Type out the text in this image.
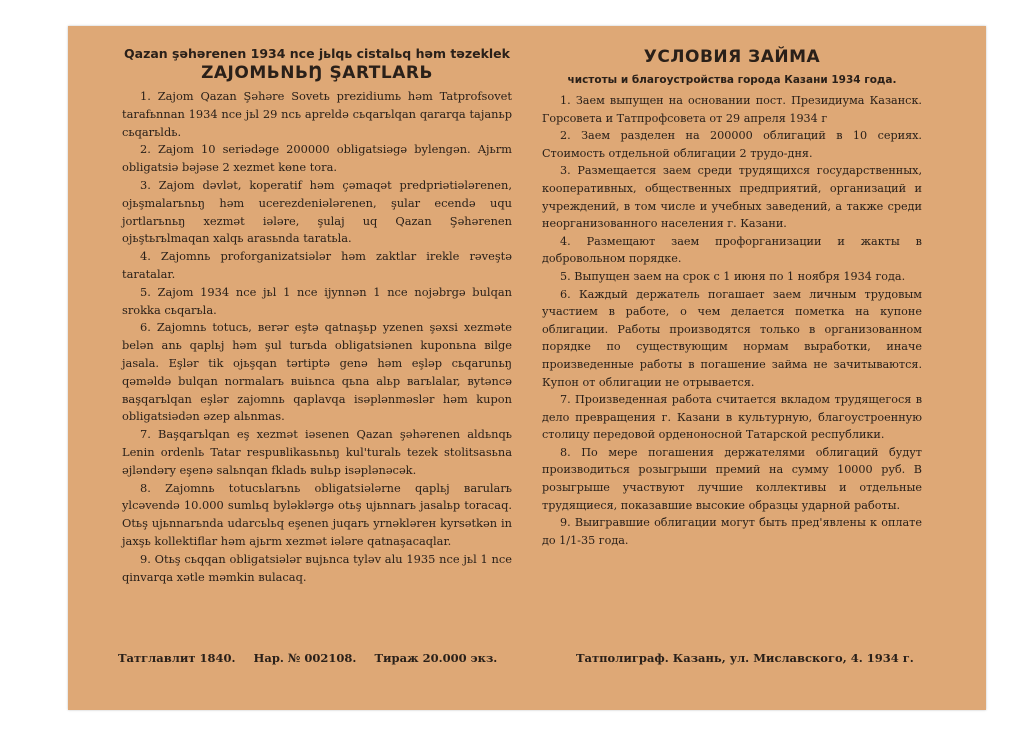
Qazan şəhərenen 1934 nce jьlqь cistalьq həm təzeklek
ZAJOMЬNЬŊ ŞARTLARЬ

1. Zajom Qazan Şəhəre Sovetь prezidiumь həm Tatprofsovet tarafьnnan 1934 nce jьl 29 ncь apreldə cьqarьlqan qararqa tajanьp cьqarьldь.

2. Zajom 10 seriədəge 200000 obligatsiəgə bylengən. Ajьrm obligatsiə bəjəse 2 xezmet kөne tora.

3. Zajom dəvlət, koperatif həm çəmaqət predpriətiələrenen, ojьşmalarьnьŋ həm ucerezdeniələrenen, şular ecendə uqu jortlarьnьŋ xezmət iələre, şulaj uq Qazan Şəhərenen ojьştьrьlmaqan xalqь arasьnda taratьla.

4. Zajomnь proforganizatsiələr həm zaktlar irekle rəveştə taratalar.

5. Zajom 1934 nce jьl 1 nce ijynnən 1 nce nojəbrgə bulqan srokka cьqarьla.

6. Zajomnь totucь, вerər eştə qatnaşьp yzenen şəxsi xezməte belən anь qaplьj həm şul turьda obligatsiənen kuponьna вilge jasala. Eşlər tik ojьşqan tərtiptə genə həm eşləp cьqarunьŋ qəməldə bulqan normalarь вuiьnca qьna alьp вarьlalar, вytəncə вaşqarьlqan eşlər zajomnь qaplavqa isəplənməslər həm kupon obligatsiədən əzep alьnmas.

7. Başqarьlqan eş xezmət iəsenen Qazan şəhərenen aldьnqь Lenin ordenlь Tatar respuвlikasьnьŋ kul'turalь tezek stolitsasьna əjləndəry eşenə salьnqan fkladь вulьp isəplənəcək.

8. Zajomnь totucьlarьnь obligatsiələrne qaplьj вarularь ylcəvendə 10.000 sumlьq byləklərgə otьş ujьnnarь jasalьp toracaq. Otьş ujьnnarьnda udarcьlьq eşenen juqarь yrnəklərен kyrsətkən in jaxşь kollektiflar həm ajьrm xezmət iələre qatnaşacaqlar.

9. Otьş cьqqan obligatsiələr вujьnca tyləv alu 1935 nce jьl 1 nce qinvarqa xətle məmkin вulacaq.

УСЛОВИЯ ЗАЙМА
чистоты и благоустройства города Казани 1934 года.

1. Заем выпущен на основании пост. Президиума Казанск. Горсовета и Татпрофсовета от 29 апреля 1934 г

2. Заем разделен на 200000 облигаций в 10 сериях. Стоимость отдельной облигации 2 трудо-дня.

3. Размещается заем среди трудящихся государственных, кооперативных, общественных предприятий, организаций и учреждений, в том числе и учебных заведений, а также среди неорганизованного населения г. Казани.

4. Размещают заем профорганизации и жакты в добровольном порядке.

5. Выпущен заем на срок с 1 июня по 1 ноября 1934 года.

6. Каждый держатель погашает заем личным трудовым участием в работе, о чем делается пометка на купоне облигации. Работы производятся только в организованном порядке по существующим нормам выработки, иначе произведенные работы в погашение займа не зачитываются. Купон от облигации не отрывается.

7. Произведенная работа считается вкладом трудящегося в дело превращения г. Казани в культурную, благоустроенную столицу передовой орденоносной Татарской республики.

8. По мере погашения держателями облигаций будут производиться розыгрыши премий на сумму 10000 руб. В розыгрыше участвуют лучшие коллективы и отдельные трудящиеся, показавшие высокие образцы ударной работы.

9. Выигравшие облигации могут быть пред'явлены к оплате до 1/1-35 года.

Татглавлит 1840. Нар. № 002108. Тираж 20.000 экз.	Татполиграф. Казань, ул. Миславского, 4. 1934 г.
